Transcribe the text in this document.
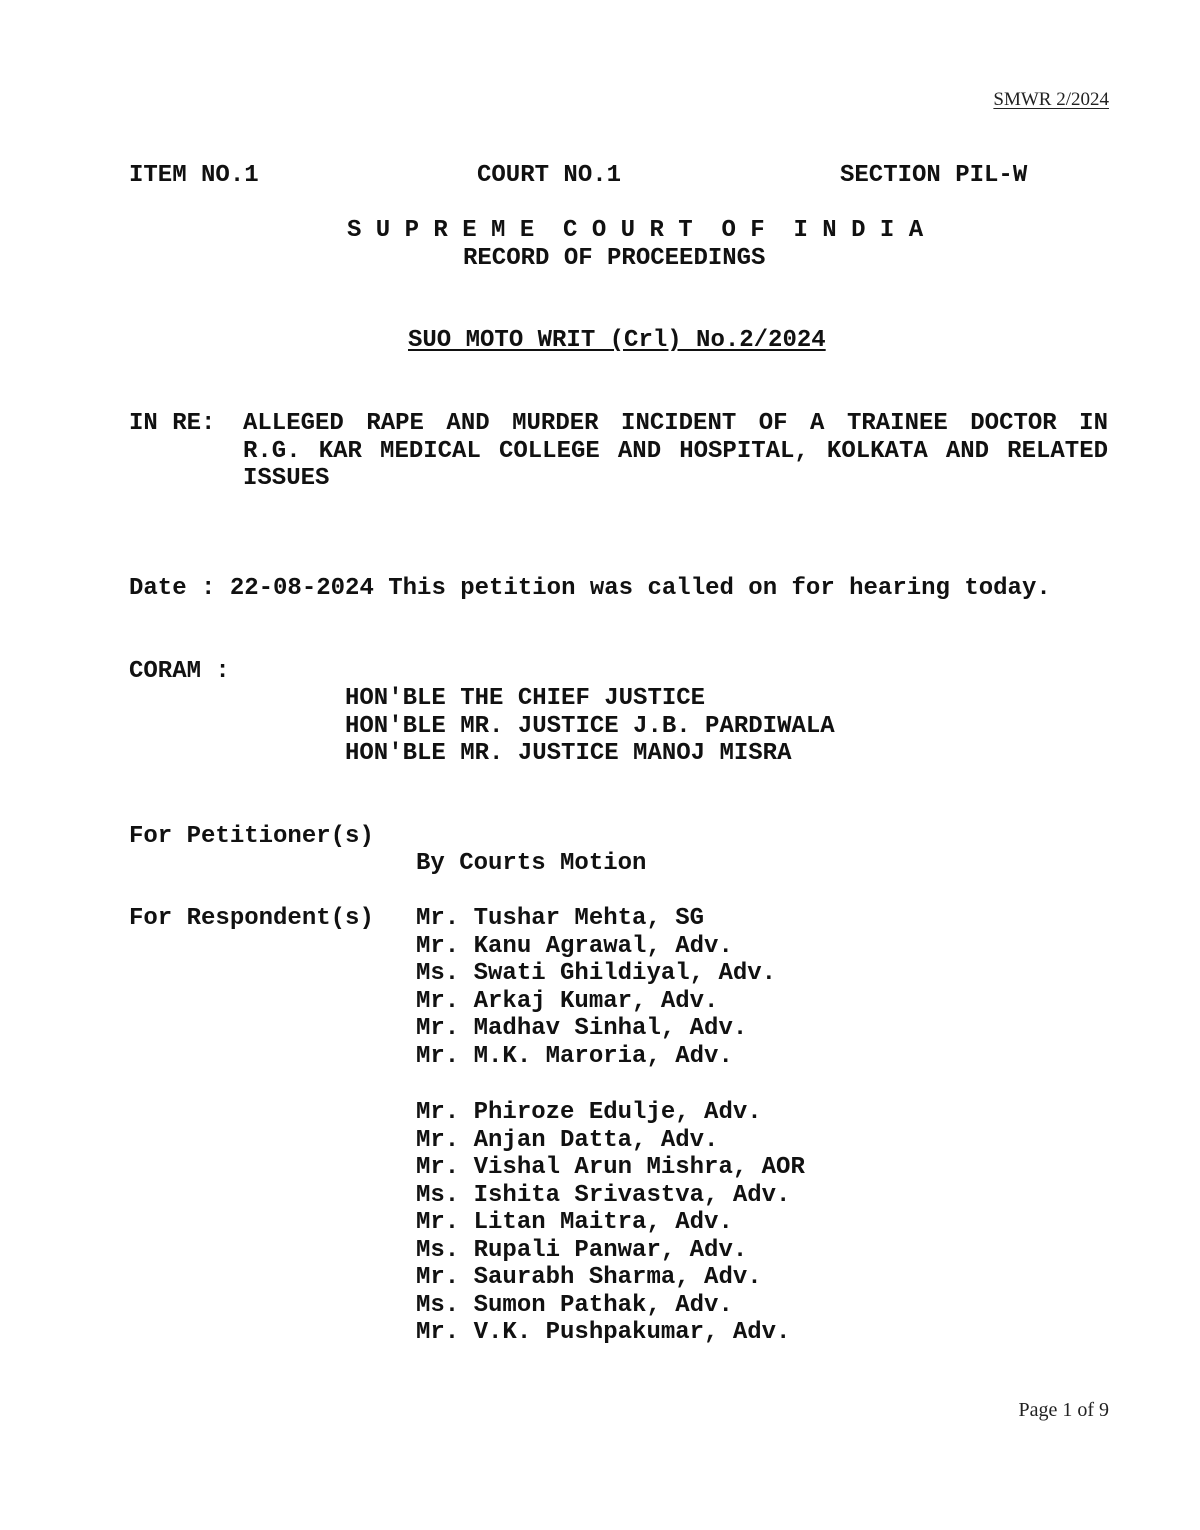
SMWR 2/2024
ITEM NO.1	COURT NO.1	SECTION PIL-W
S U P R E M E  C O U R T  O F  I N D I A
RECORD OF PROCEEDINGS
SUO MOTO WRIT (Crl) No.2/2024
IN RE: ALLEGED RAPE AND MURDER INCIDENT OF A TRAINEE DOCTOR IN
R.G. KAR MEDICAL COLLEGE AND HOSPITAL, KOLKATA AND RELATED
ISSUES
Date : 22-08-2024 This petition was called on for hearing today.
CORAM :
HON'BLE THE CHIEF JUSTICE
HON'BLE MR. JUSTICE J.B. PARDIWALA
HON'BLE MR. JUSTICE MANOJ MISRA
For Petitioner(s)
By Courts Motion
For Respondent(s) Mr. Tushar Mehta, SG
Mr. Kanu Agrawal, Adv.
Ms. Swati Ghildiyal, Adv.
Mr. Arkaj Kumar, Adv.
Mr. Madhav Sinhal, Adv.
Mr. M.K. Maroria, Adv.
Mr. Phiroze Edulje, Adv.
Mr. Anjan Datta, Adv.
Mr. Vishal Arun Mishra, AOR
Ms. Ishita Srivastva, Adv.
Mr. Litan Maitra, Adv.
Ms. Rupali Panwar, Adv.
Mr. Saurabh Sharma, Adv.
Ms. Sumon Pathak, Adv.
Mr. V.K. Pushpakumar, Adv.
Page 1 of 9
